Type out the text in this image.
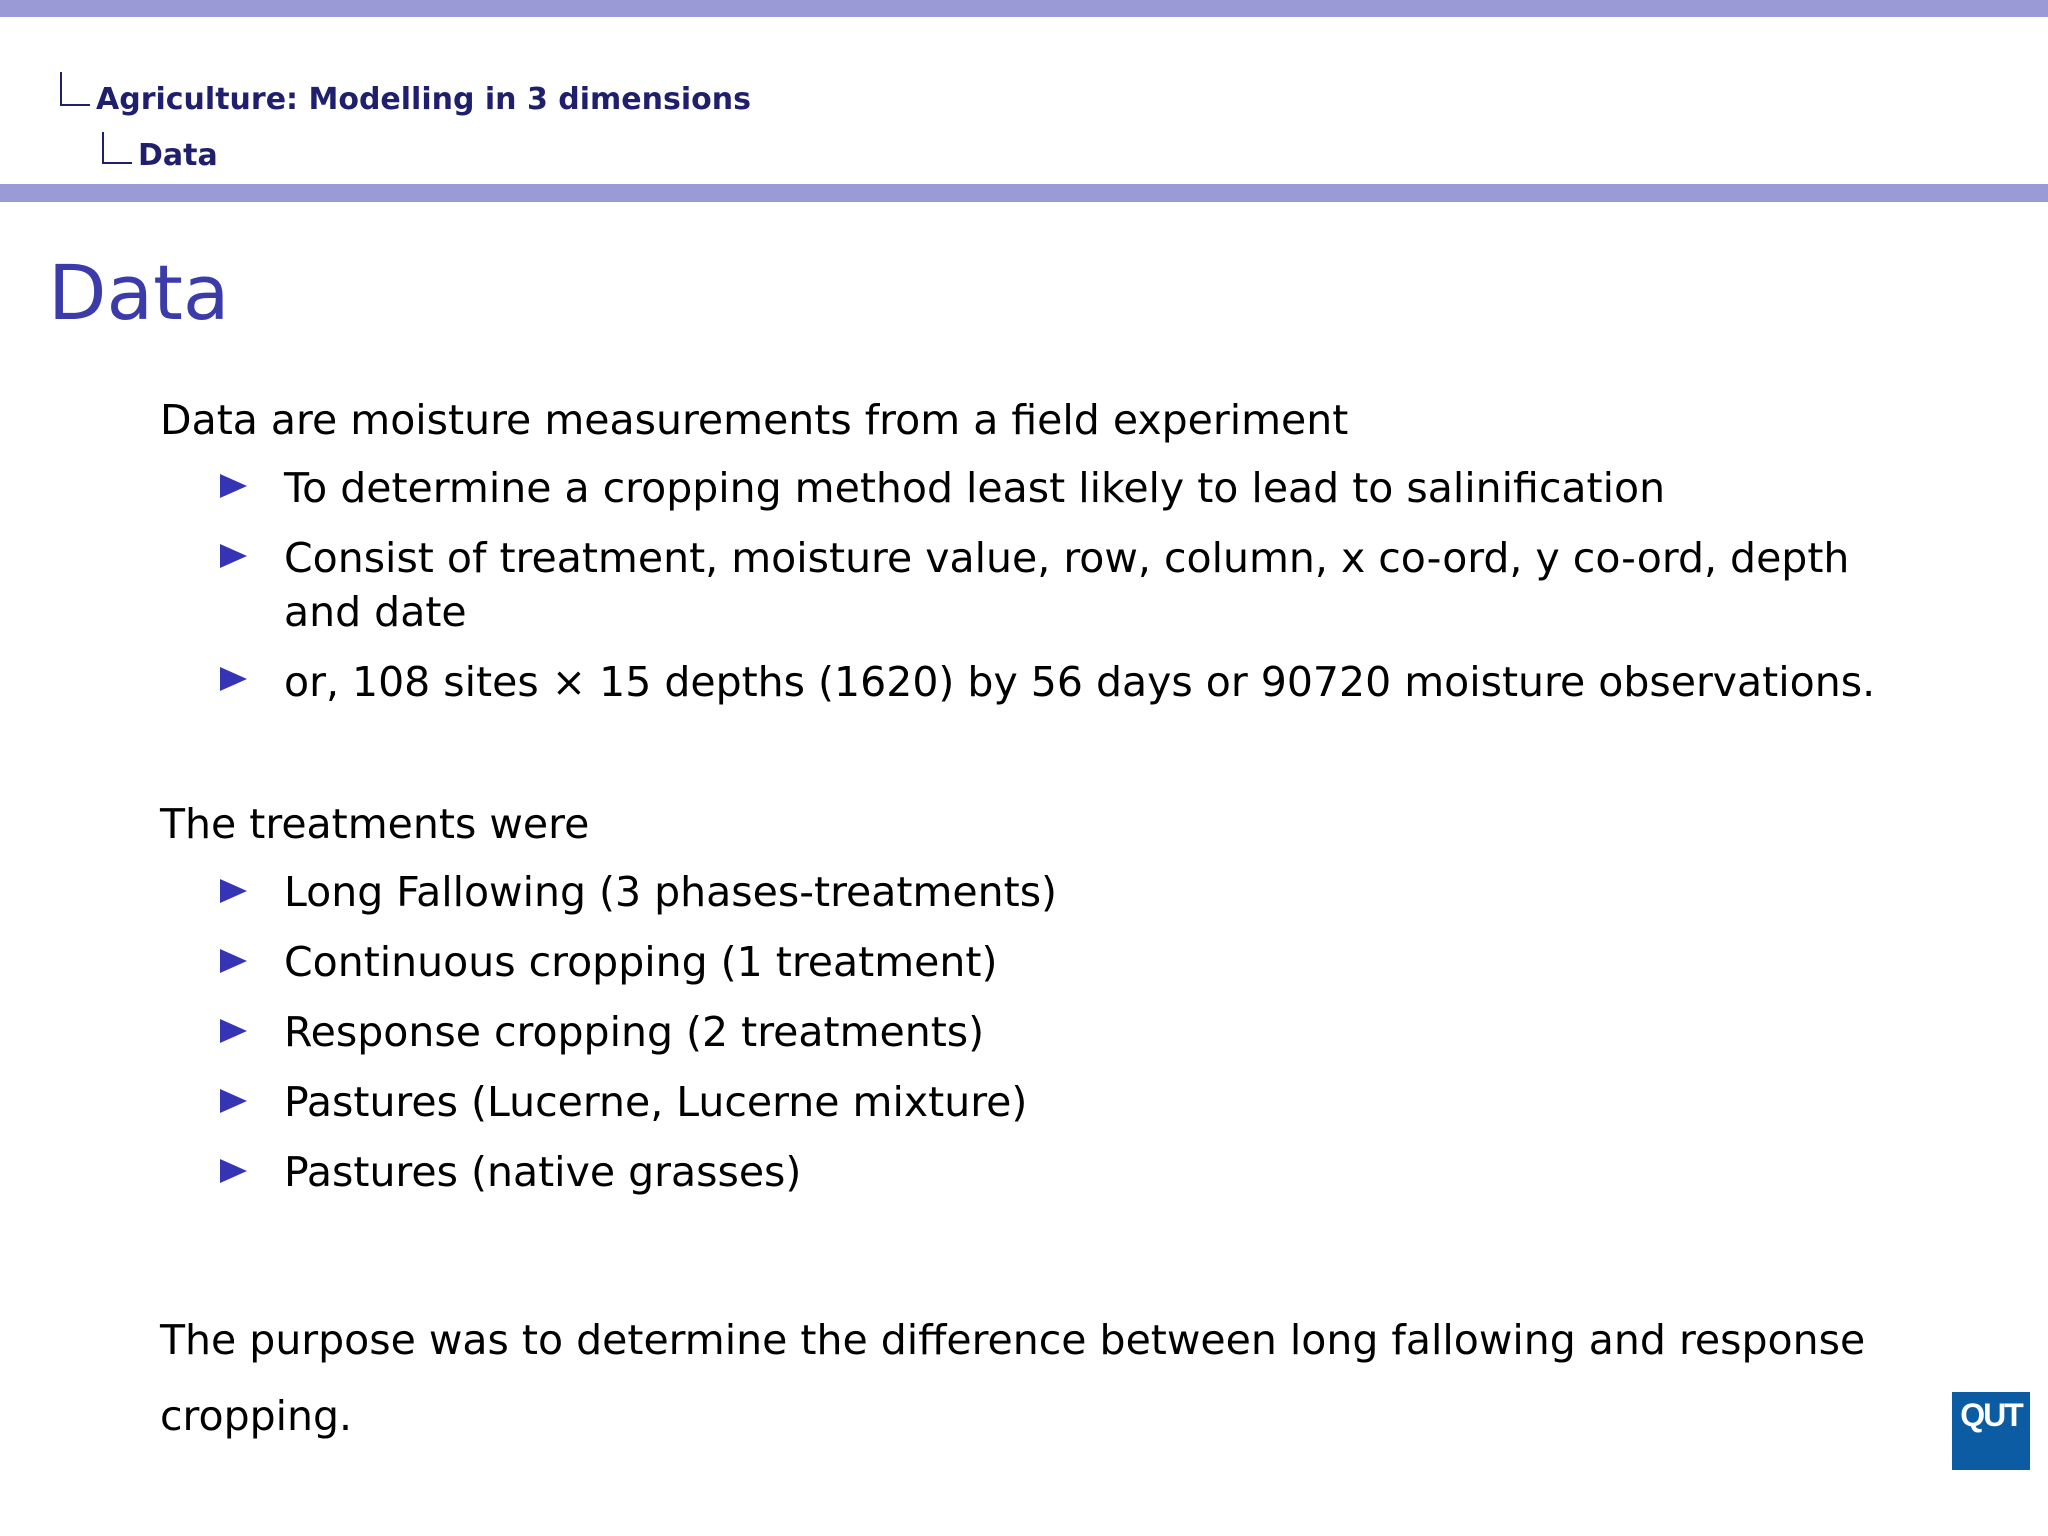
Agriculture: Modelling in 3 dimensions
Data
Data
Data are moisture measurements from a field experiment
To determine a cropping method least likely to lead to salinification
Consist of treatment, moisture value, row, column, x co-ord, y co-ord, depth
and date
or, 108 sites × 15 depths (1620) by 56 days or 90720 moisture observations.
The treatments were
Long Fallowing (3 phases-treatments)
Continuous cropping (1 treatment)
Response cropping (2 treatments)
Pastures (Lucerne, Lucerne mixture)
Pastures (native grasses)
The purpose was to determine the difference between long fallowing and response
cropping.	QUT
